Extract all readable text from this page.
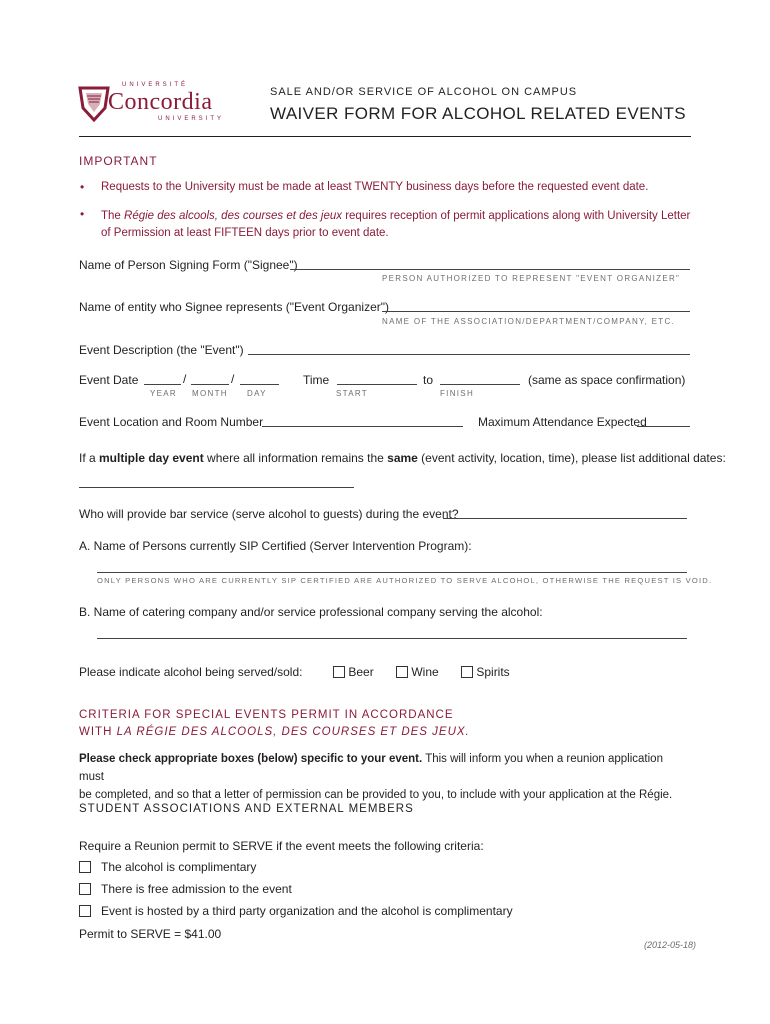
UNIVERSITÉ
Concordia
UNIVERSITY
SALE AND/OR SERVICE OF ALCOHOL ON CAMPUS
WAIVER FORM FOR ALCOHOL RELATED EVENTS
IMPORTANT
• Requests to the University must be made at least TWENTY business days before the requested event date.
• The Régie des alcools, des courses et des jeux requires reception of permit applications along with University Letter
of Permission at least FIFTEEN days prior to event date.
Name of Person Signing Form ("Signee")
PERSON AUTHORIZED TO REPRESENT "EVENT ORGANIZER"
Name of entity who Signee represents ("Event Organizer")
NAME OF THE ASSOCIATION/DEPARTMENT/COMPANY, ETC.
Event Description (the "Event")
Event Date	/	/
YEAR MONTH DAY
Time	to	(same as space confirmation)
START	FINISH
Event Location and Room Number	Maximum Attendance Expected
If a multiple day event where all information remains the same (event activity, location, time), please list additional dates:
Who will provide bar service (serve alcohol to guests) during the event?
A. Name of Persons currently SIP Certified (Server Intervention Program):
ONLY PERSONS WHO ARE CURRENTLY SIP CERTIFIED ARE AUTHORIZED TO SERVE ALCOHOL, OTHERWISE THE REQUEST IS VOID.
B. Name of catering company and/or service professional company serving the alcohol:
Please indicate alcohol being served/sold:	Beer	Wine	Spirits
CRITERIA FOR SPECIAL EVENTS PERMIT IN ACCORDANCE
WITH LA RÉGIE DES ALCOOLS, DES COURSES ET DES JEUX.
Please check appropriate boxes (below) specific to your event. This will inform you when a reunion application must
be completed, and so that a letter of permission can be provided to you, to include with your application at the Régie.
STUDENT ASSOCIATIONS AND EXTERNAL MEMBERS
Require a Reunion permit to SERVE if the event meets the following criteria:
The alcohol is complimentary
There is free admission to the event
Event is hosted by a third party organization and the alcohol is complimentary
Permit to SERVE = $41.00
(2012-05-18)
